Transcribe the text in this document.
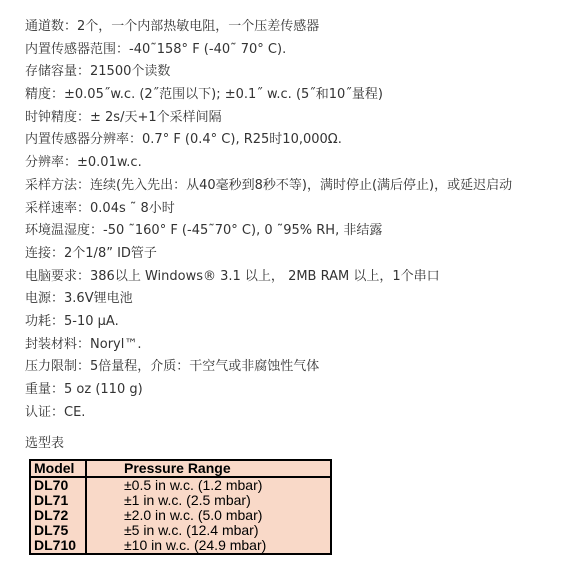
通道数：2个，一个内部热敏电阻，一个压差传感器
内置传感器范围：-40˜158° F (-40˜ 70° C).
存储容量：21500个读数
精度：±0.05˝w.c. (2˝范围以下); ±0.1˝ w.c. (5˝和10˝量程)
时钟精度：± 2s/天+1个采样间隔
内置传感器分辨率：0.7° F (0.4° C), R25时10,000Ω.
分辨率：±0.01w.c.
采样方法：连续(先入先出：从40毫秒到8秒不等)，满时停止(满后停止)，或延迟启动
采样速率：0.04s ˜ 8小时
环境温湿度：-50 ˜160° F (-45˜70° C), 0 ˜95% RH, 非结露
连接：2个1/8” ID管子
电脑要求：386以上 Windows® 3.1 以上， 2MB RAM 以上，1个串口
电源：3.6V锂电池
功耗：5-10 μA.
封装材料：Noryl™.
压力限制：5倍量程，介质：干空气或非腐蚀性气体
重量：5 oz (110 g)
认证：CE.
选型表
Model	Pressure Range
DL70	±0.5 in w.c. (1.2 mbar)
DL71	±1 in w.c. (2.5 mbar)
DL72	±2.0 in w.c. (5.0 mbar)
DL75	±5 in w.c. (12.4 mbar)
DL710	±10 in w.c. (24.9 mbar)
